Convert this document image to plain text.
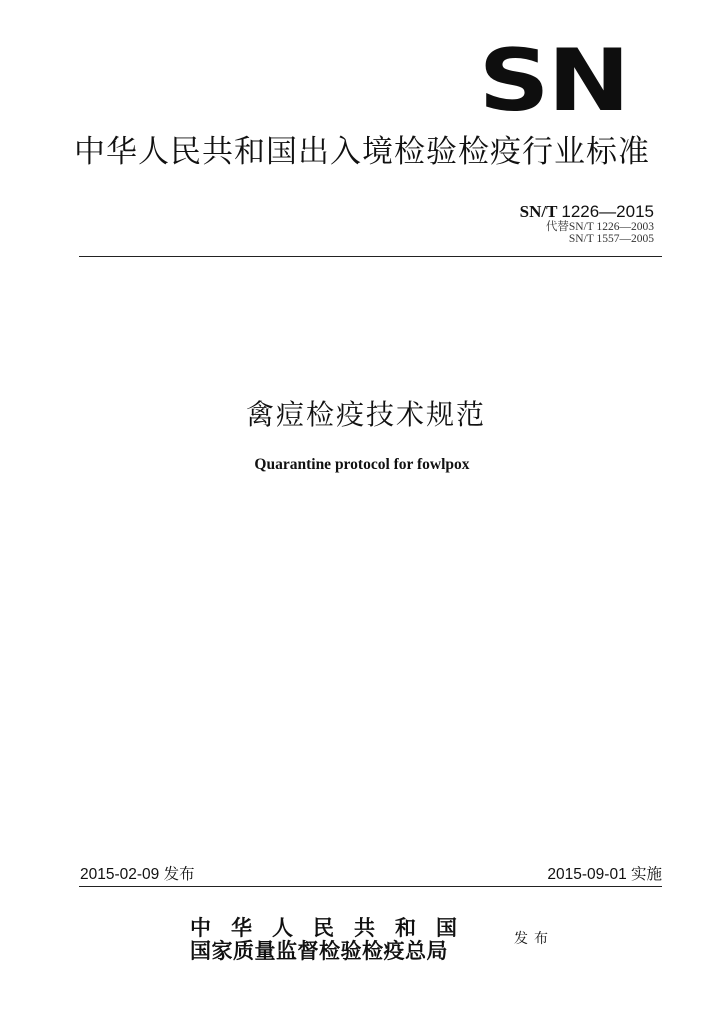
SN
中华人民共和国出入境检验检疫行业标准
SN/T 1226—2015
代替SN/T 1226—2003
SN/T 1557—2005
禽痘检疫技术规范
Quarantine protocol for fowlpox
2015-02-09 发布	2015-09-01 实施
中华人民共和国
国家质量监督检验检疫总局	发布
